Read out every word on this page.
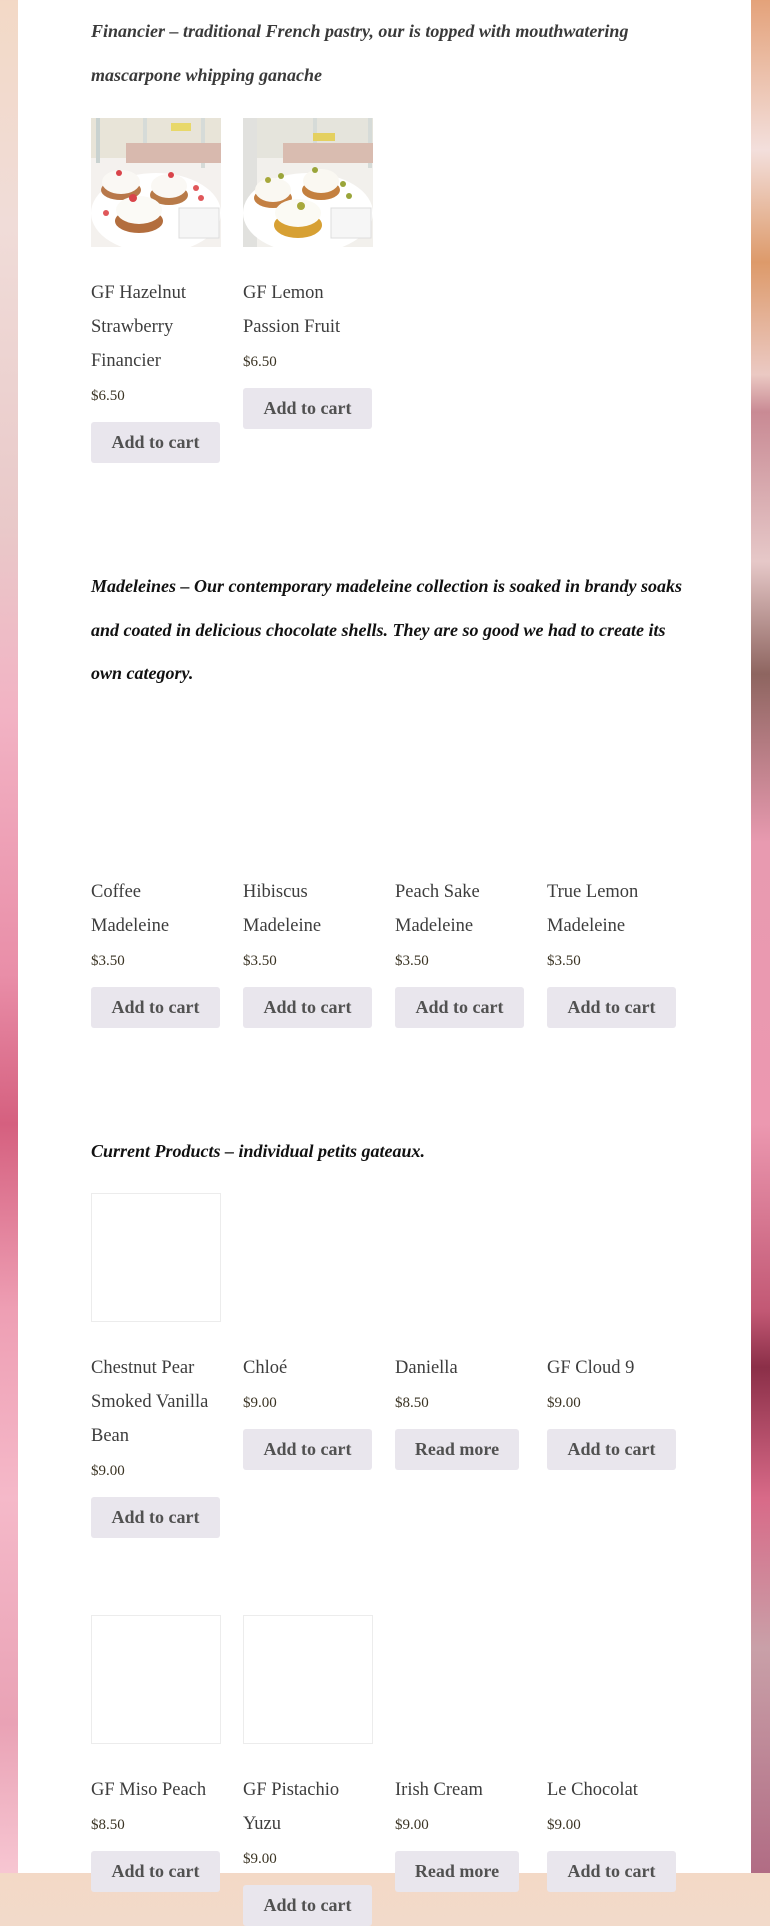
Financier – traditional French pastry, our is topped with mouthwatering mascarpone whipping ganache

GF Hazelnut Strawberry Financier

$6.50

Add to cart

GF Lemon Passion Fruit

$6.50

Add to cart

Madeleines – Our contemporary madeleine collection is soaked in brandy soaks and coated in delicious chocolate shells. They are so good we had to create its own category.

Coffee Madeleine

$3.50

Add to cart

Hibiscus Madeleine

$3.50

Add to cart

Peach Sake Madeleine

$3.50

Add to cart

True Lemon Madeleine

$3.50

Add to cart

Current Products – individual petits gateaux.

Chestnut Pear Smoked Vanilla Bean

$9.00

Add to cart

Chloé

$9.00

Add to cart

Daniella

$8.50

Read more

GF Cloud 9

$9.00

Add to cart

GF Miso Peach

$8.50

Add to cart

GF Pistachio Yuzu

$9.00

Add to cart

Irish Cream

$9.00

Read more

Le Chocolat

$9.00

Add to cart
